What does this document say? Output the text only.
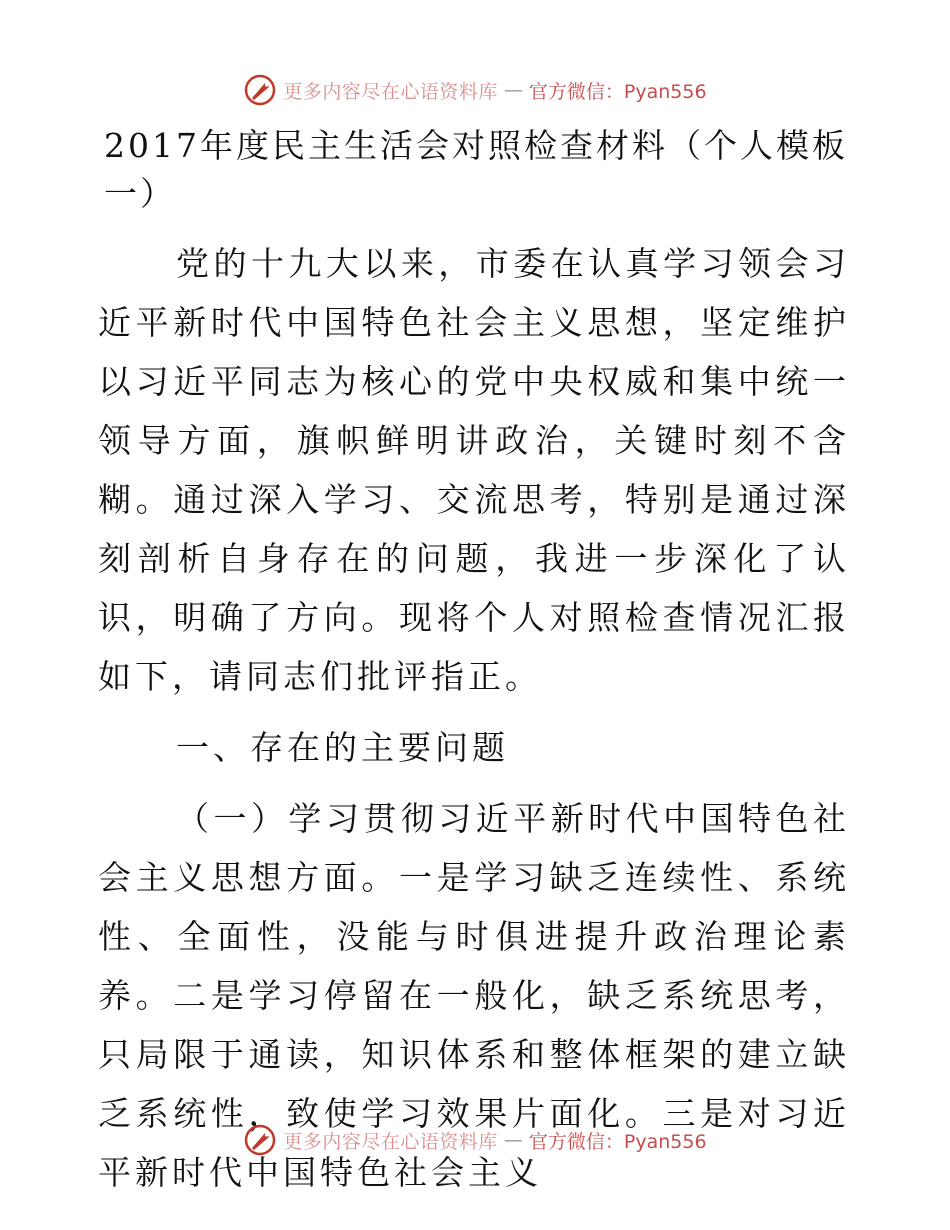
更多内容尽在心语资料库 — 官方微信：Pyan556
2017年度民主生活会对照检查材料（个人模板一）

党的十九大以来，市委在认真学习领会习近平新时代中国特色社会主义思想，坚定维护以习近平同志为核心的党中央权威和集中统一领导方面，旗帜鲜明讲政治，关键时刻不含糊。通过深入学习、交流思考，特别是通过深刻剖析自身存在的问题，我进一步深化了认识，明确了方向。现将个人对照检查情况汇报如下，请同志们批评指正。

一、存在的主要问题

（一）学习贯彻习近平新时代中国特色社会主义思想方面。一是学习缺乏连续性、系统性、全面性，没能与时俱进提升政治理论素养。二是学习停留在一般化，缺乏系统思考，只局限于通读，知识体系和整体框架的建立缺乏系统性，致使学习效果片面化。三是对习近平新时代中国特色社会主义

更多内容尽在心语资料库 — 官方微信：Pyan556
